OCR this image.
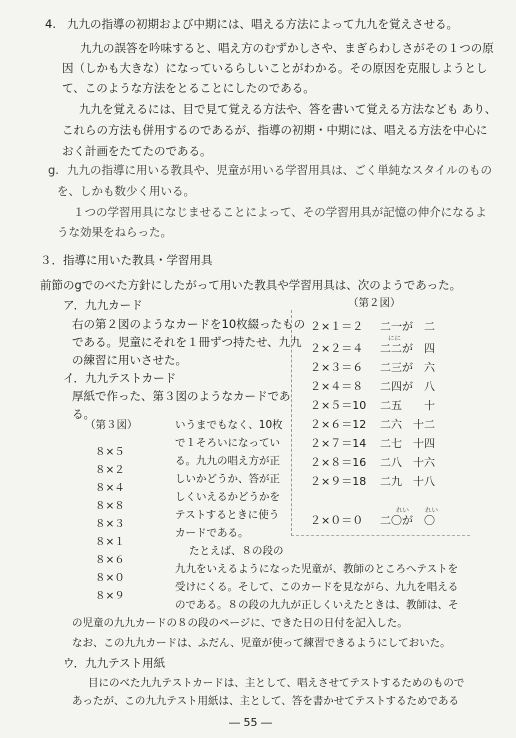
4. 九九の指導の初期および中期には、唱える方法によって九九を覚えさせる。
九九の誤答を吟味すると、唱え方のむずかしさや、まぎらわしさがその１つの原
因（しかも大きな）になっているらしいことがわかる。その原因を克服しようとし
て、このような方法をとることにしたのである。
九九を覚えるには、目で見て覚える方法や、答を書いて覚える方法なども あり、
これらの方法も併用するのであるが、指導の初期・中期には、唱える方法を中心に
おく計画をたてたのである。
g. 九九の指導に用いる教具や、児童が用いる学習用具は、ごく単純なスタイルのもの
を、しかも数少く用いる。
１つの学習用具になじませることによって、その学習用具が記憶の伸介になるよ
うな効果をねらった。
３．指導に用いた教具・学習用具
前節のgでのべた方針にしたがって用いた教具や学習用具は、次のようであった。
ア．九九カード
右の第２図のようなカードを10枚綴ったもの
である。児童にそれを１冊ずつ持たせ、九九
の練習に用いさせた。
イ．九九テストカード
厚紙で作った、第３図のようなカードであ
る。
（第３図）
８×５
８×２
８×４
８×８
８×３
８×１
８×６
８×０
８×９
いうまでもなく、10枚
で１そろいになってい
る。九九の唱え方が正
しいかどうか、答が正
しくいえるかどうかを
テストするときに使う
カードである。
たとえば、８の段の
九九をいえるようになった児童が、教師のところへテストを
受けにくる。そして、このカードを見ながら、九九を唱える
のである。８の段の九九が正しくいえたときは、教師は、そ
の児童の九九カードの８の段のページに、できた日の日付を記入した。
なお、この九九カードは、ふだん、児童が使って練習できるようにしておいた。
ウ．九九テスト用紙
目にのべた九九テストカードは、主として、唱えさせてテストするためのもので
あったが、この九九テスト用紙は、主として、答を書かせてテストするためである
（第２図）
にに
２×１＝２ 二一が　二
２×２＝４ 二二が　四
２×３＝６ 二三が　六
２×４＝８ 二四が　八
２×５＝10 二五　　十
２×６＝12 二六　十二
２×７＝14 二七　十四
２×８＝16 二八　十六
２×９＝18 二九　十八
れい れい
２×０＝０ 二〇が　〇
― 55 ―
